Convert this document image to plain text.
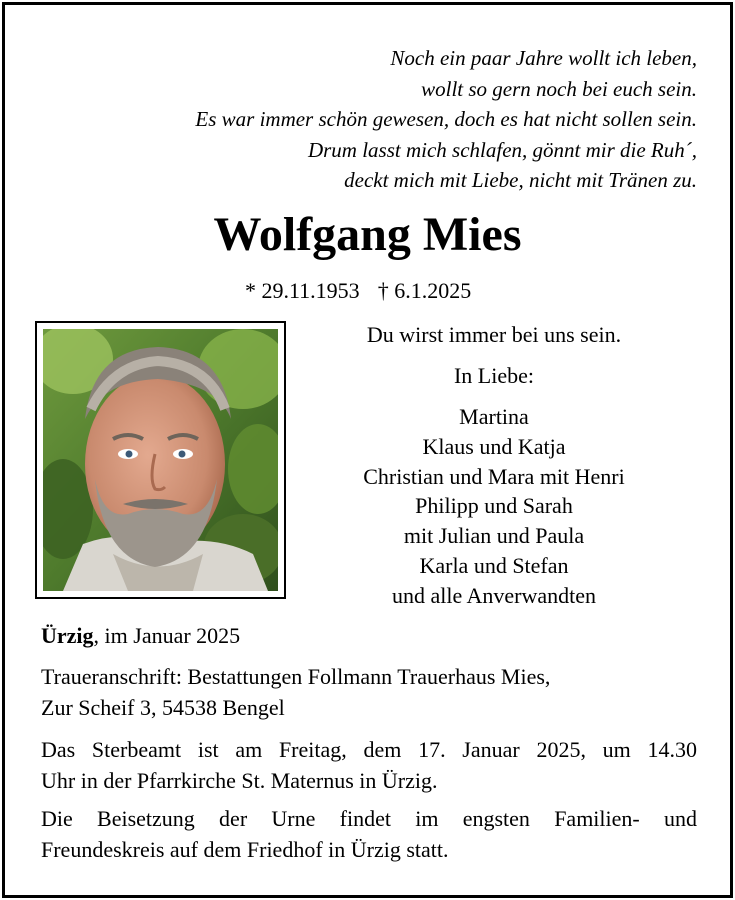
Noch ein paar Jahre wollt ich leben,
wollt so gern noch bei euch sein.
Es war immer schön gewesen, doch es hat nicht sollen sein.
Drum lasst mich schlafen, gönnt mir die Ruh´,
deckt mich mit Liebe, nicht mit Tränen zu.
Wolfgang Mies
* 29.11.1953 † 6.1.2025
Du wirst immer bei uns sein.
In Liebe:
Martina
Klaus und Katja
Christian und Mara mit Henri
Philipp und Sarah
mit Julian und Paula
Karla und Stefan
und alle Anverwandten
Ürzig, im Januar 2025
Traueranschrift: Bestattungen Follmann Trauerhaus Mies,
Zur Scheif 3, 54538 Bengel
Das Sterbeamt ist am Freitag, dem 17. Januar 2025, um 14.30
Uhr in der Pfarrkirche St. Maternus in Ürzig.
Die Beisetzung der Urne findet im engsten Familien- und
Freundeskreis auf dem Friedhof in Ürzig statt.
